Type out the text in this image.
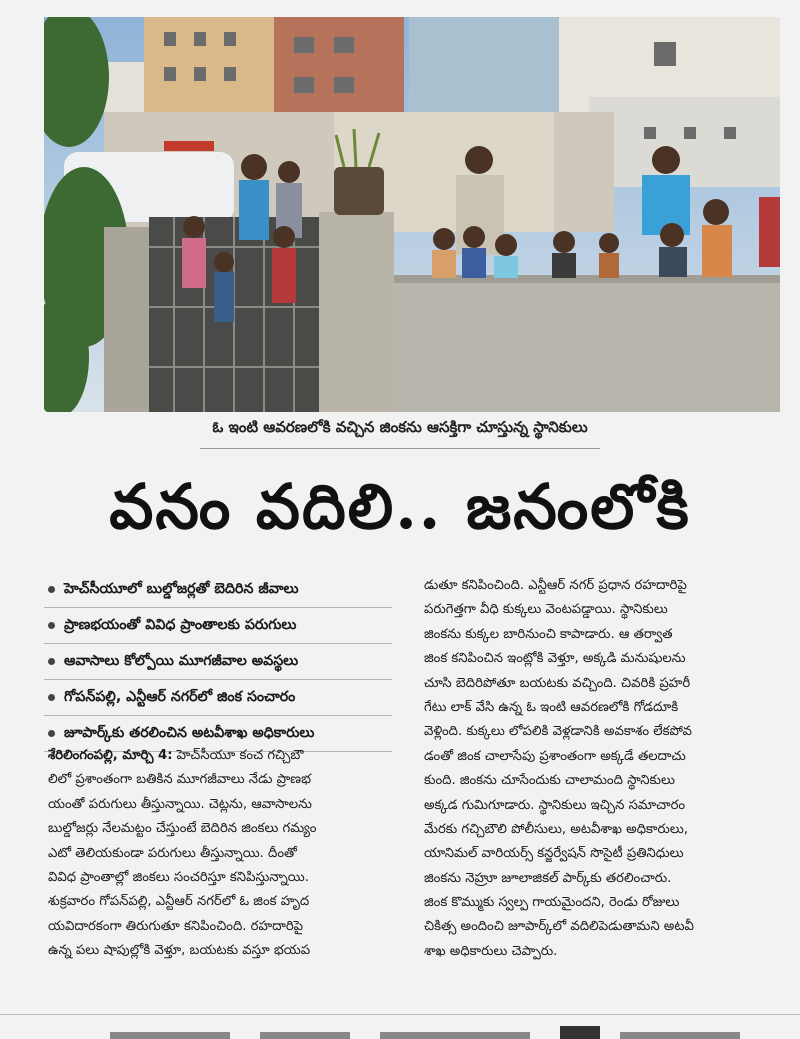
ఓ ఇంటి ఆవరణలోకి వచ్చిన జింకను ఆసక్తిగా చూస్తున్న స్థానికులు
వనం వదిలి.. జనంలోకి
హెచ్‌సీయూలో బుల్డోజర్లతో బెదిరిన జీవాలు
ప్రాణభయంతో వివిధ ప్రాంతాలకు పరుగులు
ఆవాసాలు కోల్పోయి మూగజీవాల అవస్థలు
గోపన్‌పల్లి, ఎన్టీఆర్ నగర్‌లో జింక సంచారం
జూపార్క్‌కు తరలించిన అటవీశాఖ అధికారులు
శేరిలింగంపల్లి, మార్చి 4: హెచ్‌సీయూ కంచ గచ్చిబౌ
లిలో ప్రశాంతంగా బతికిన మూగజీవాలు నేడు ప్రాణభ
యంతో పరుగులు తీస్తున్నాయి. చెట్లను, ఆవాసాలను
బుల్డోజర్లు నేలమట్టం చేస్తుంటే బెదిరిన జింకలు గమ్యం
ఎటో తెలియకుండా పరుగులు తీస్తున్నాయి. దీంతో
వివిధ ప్రాంతాల్లో జింకలు సంచరిస్తూ కనిపిస్తున్నాయి.
శుక్రవారం గోపన్‌పల్లి, ఎన్టీఆర్ నగర్‌లో ఓ జింక హృద
యవిదారకంగా తిరుగుతూ కనిపించింది. రహదారిపై
ఉన్న పలు షాపుల్లోకి వెళ్తూ, బయటకు వస్తూ భయప
డుతూ కనిపించింది. ఎన్టీఆర్ నగర్ ప్రధాన రహదారిపై
పరుగెత్తగా వీధి కుక్కలు వెంటపడ్డాయి. స్థానికులు
జింకను కుక్కల బారినుంచి కాపాడారు. ఆ తర్వాత
జింక కనిపించిన ఇంట్లోకి వెళ్తూ, అక్కడి మనుషులను
చూసి బెదిరిపోతూ బయటకు వచ్చింది. చివరికి ప్రహరీ
గేటు లాక్ వేసి ఉన్న ఓ ఇంటి ఆవరణలోకి గోడదూకి
వెళ్లింది. కుక్కలు లోపలికి వెళ్లడానికి అవకాశం లేకపోవ
డంతో జింక చాలాసేపు ప్రశాంతంగా అక్కడే తలదాచు
కుంది. జింకను చూసేందుకు చాలామంది స్థానికులు
అక్కడ గుమిగూడారు. స్థానికులు ఇచ్చిన సమాచారం
మేరకు గచ్చిబౌలి పోలీసులు, అటవీశాఖ అధికారులు,
యానిమల్ వారియర్స్ కన్జర్వేషన్ సొసైటీ ప్రతినిధులు
జింకను నెహ్రూ జూలాజికల్ పార్క్‌కు తరలించారు.
జింక కొమ్ముకు స్వల్ప గాయమైందని, రెండు రోజులు
చికిత్స అందించి జూపార్క్‌లో వదిలిపెడుతామని అటవీ
శాఖ అధికారులు చెప్పారు.
